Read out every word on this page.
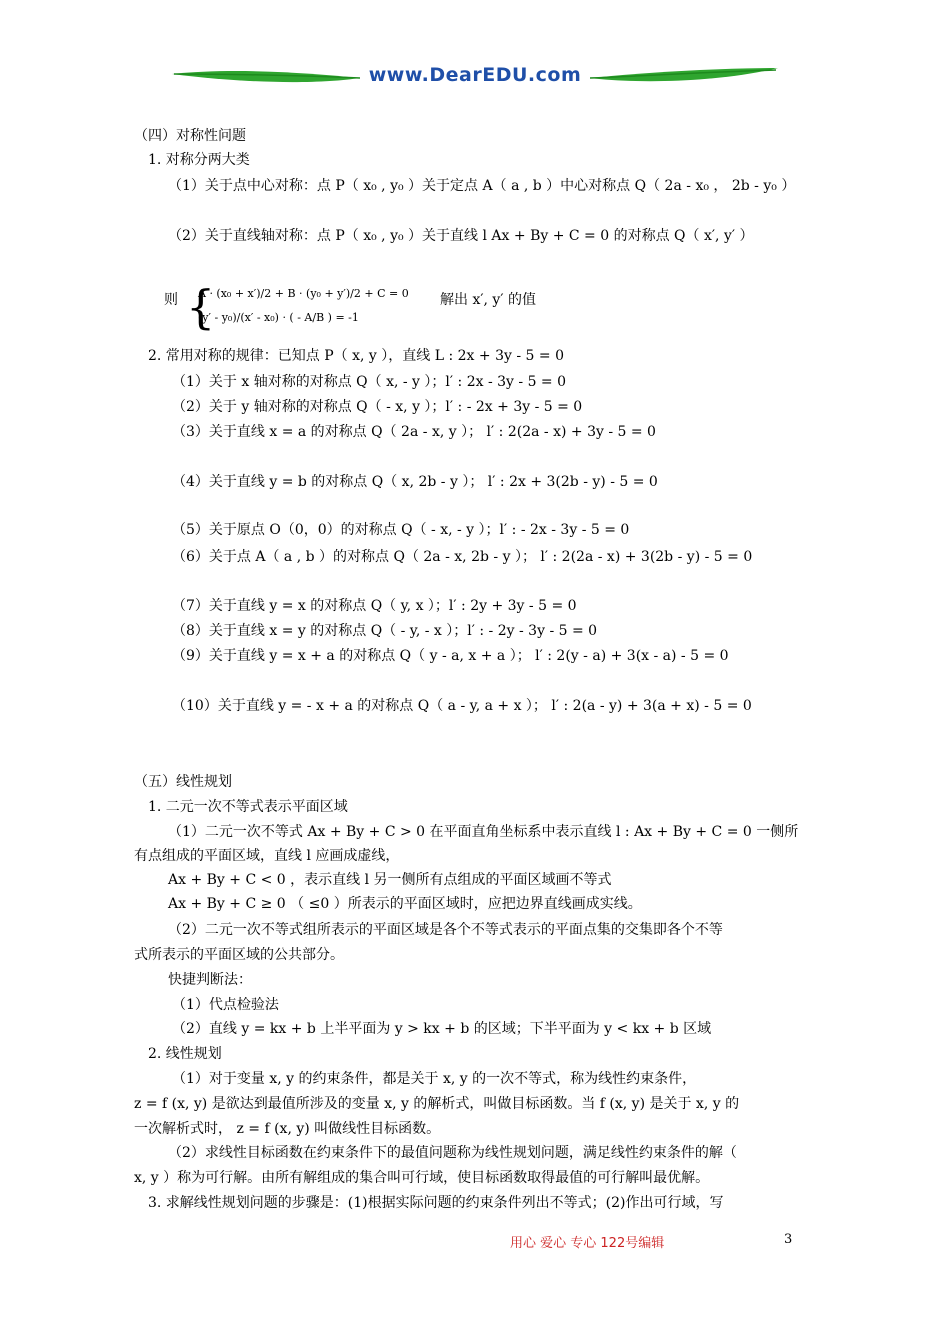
www.DearEDU.com
（四）对称性问题
1. 对称分两大类
（1）关于点中心对称：点 P（ x₀ , y₀ ）关于定点 A（ a , b ）中心对称点 Q（ 2a - x₀ ， 2b - y₀ ）
（2）关于直线轴对称：点 P（ x₀ , y₀ ）关于直线 l Ax + By + C = 0 的对称点 Q（ x′, y′ ）
则 {
A · (x₀ + x′)/2 + B · (y₀ + y′)/2 + C = 0
(y′ - y₀)/(x′ - x₀) · ( - A/B ) = -1
解出 x′, y′ 的值
2. 常用对称的规律：已知点 P（ x, y ），直线 L : 2x + 3y - 5 = 0
（1）关于 x 轴对称的对称点 Q（ x, - y ）；l′ : 2x - 3y - 5 = 0
（2）关于 y 轴对称的对称点 Q（ - x, y ）；l′ : - 2x + 3y - 5 = 0
（3）关于直线 x = a 的对称点 Q（ 2a - x, y ）； l′ : 2(2a - x) + 3y - 5 = 0
（4）关于直线 y = b 的对称点 Q（ x, 2b - y ）； l′ : 2x + 3(2b - y) - 5 = 0
（5）关于原点 O（0，0）的对称点 Q（ - x, - y ）；l′ : - 2x - 3y - 5 = 0
（6）关于点 A（ a , b ）的对称点 Q（ 2a - x, 2b - y ）； l′ : 2(2a - x) + 3(2b - y) - 5 = 0
（7）关于直线 y = x 的对称点 Q（ y, x ）；l′ : 2y + 3y - 5 = 0
（8）关于直线 x = y 的对称点 Q（ - y, - x ）；l′ : - 2y - 3y - 5 = 0
（9）关于直线 y = x + a 的对称点 Q（ y - a, x + a ）； l′ : 2(y - a) + 3(x - a) - 5 = 0
（10）关于直线 y = - x + a 的对称点 Q（ a - y, a + x ）； l′ : 2(a - y) + 3(a + x) - 5 = 0
（五）线性规划
1. 二元一次不等式表示平面区域
（1）二元一次不等式 Ax + By + C > 0 在平面直角坐标系中表示直线 l : Ax + By + C = 0 一侧所
有点组成的平面区域，直线 l 应画成虚线，
Ax + By + C < 0 ，表示直线 l 另一侧所有点组成的平面区域画不等式
Ax + By + C ≥ 0 （ ≤0 ）所表示的平面区域时，应把边界直线画成实线。
（2）二元一次不等式组所表示的平面区域是各个不等式表示的平面点集的交集即各个不等
式所表示的平面区域的公共部分。
快捷判断法：
（1）代点检验法
（2）直线 y = kx + b 上半平面为 y > kx + b 的区域；下半平面为 y < kx + b 区域
2. 线性规划
（1）对于变量 x, y 的约束条件，都是关于 x, y 的一次不等式，称为线性约束条件，
z = f (x, y) 是欲达到最值所涉及的变量 x, y 的解析式，叫做目标函数。当 f (x, y) 是关于 x, y 的
一次解析式时， z = f (x, y) 叫做线性目标函数。
（2）求线性目标函数在约束条件下的最值问题称为线性规划问题，满足线性约束条件的解（
x, y ）称为可行解。由所有解组成的集合叫可行域，使目标函数取得最值的可行解叫最优解。
3. 求解线性规划问题的步骤是：(1)根据实际问题的约束条件列出不等式；(2)作出可行域，写
用心 爱心 专心 122号编辑	3
